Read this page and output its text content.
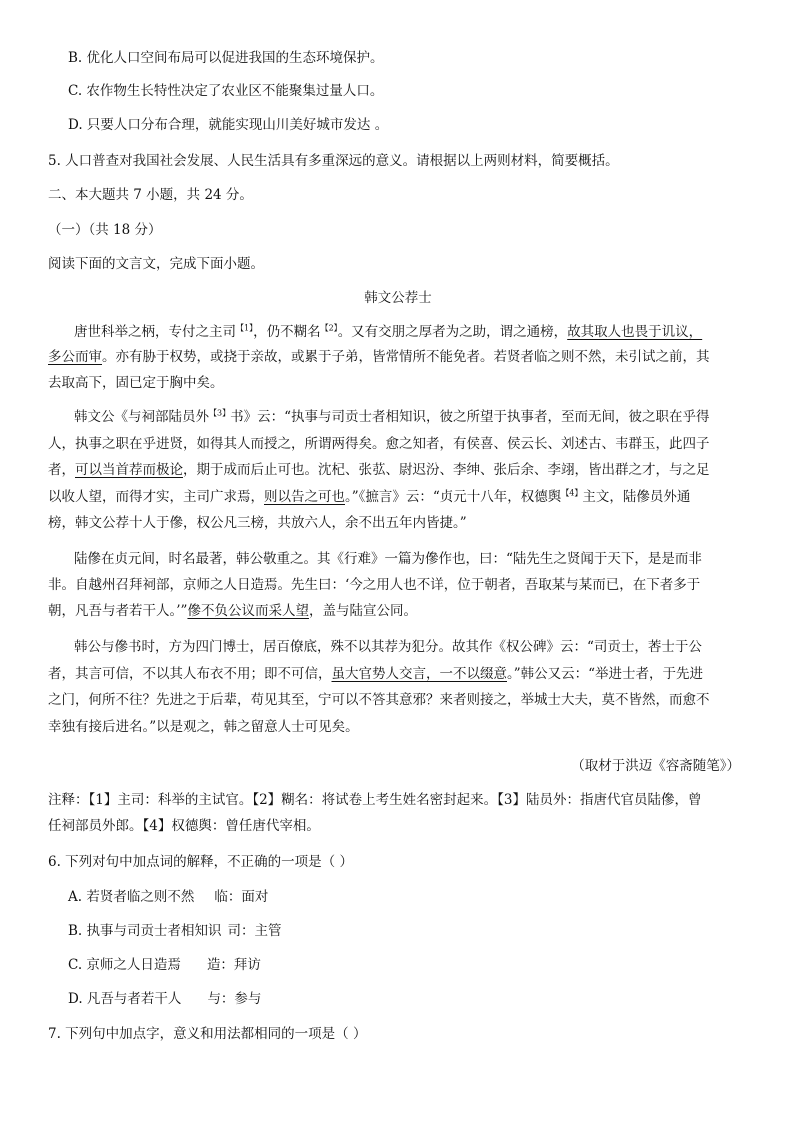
B. 优化人口空间布局可以促进我国的生态环境保护。
C. 农作物生长特性决定了农业区不能聚集过量人口。
D. 只要人口分布合理，就能实现山川美好城市发达 。
5. 人口普查对我国社会发展、人民生活具有多重深远的意义。请根据以上两则材料，简要概括。
二、本大题共 7 小题，共 24 分。
（一）（共 18 分）
阅读下面的文言文，完成下面小题。
韩文公荐士
唐世科举之柄，专付之主司$^{【1】}$，仍不糊名$^{【2】}$。又有交朋之厚者为之助，谓之通榜，故其取人也畏于讥议，
多公而审。亦有胁于权势，或挠于亲故，或累于子弟，皆常情所不能免者。若贤者临之则不然，未引试之前，其
去取高下，固已定于胸中矣。
韩文公《与祠部陆员外$^{【3】}$书》云：“执事与司贡士者相知识，彼之所望于执事者，至而无间，彼之职在乎得
人，执事之职在乎进贤，如得其人而授之，所谓两得矣。愈之知者，有侯喜、侯云长、刘述古、韦群玉，此四子
者，可以当首荐而极论，期于成而后止可也。沈杞、张苰、尉迟汾、李绅、张后余、李翊，皆出群之才，与之足
以收人望，而得才实，主司广求焉，则以告之可也。”《摭言》云：“贞元十八年，权德舆$^{【4】}$主文，陆傪员外通
榜，韩文公荐十人于傪，权公凡三榜，共放六人，余不出五年内皆捷。”
陆傪在贞元间，时名最著，韩公敬重之。其《行难》一篇为傪作也，曰：“陆先生之贤闻于天下，是是而非
非。自越州召拜祠部，京师之人日造焉。先生曰：‘今之用人也不详，位于朝者，吾取某与某而已，在下者多于
朝，凡吾与者若干人。’”傪不负公议而采人望，盖与陆宣公同。
韩公与傪书时，方为四门博士，居百僚底，殊不以其荐为犯分。故其作《权公碑》云：“司贡士，莕士于公
者，其言可信，不以其人布衣不用；即不可信，虽大官势人交言，一不以缀意。”韩公又云：“举进士者，于先进
之门，何所不往？先进之于后辈，苟见其至，宁可以不答其意邪？来者则接之，举城士大夫，莫不皆然，而愈不
幸独有接后进名。”以是观之，韩之留意人士可见矣。
（取材于洪迈《容斋随笔》）
注释：【1】主司：科举的主试官。【2】糊名：将试卷上考生姓名密封起来。【3】陆员外：指唐代官员陆傪，曾
任祠部员外郎。【4】权德舆：曾任唐代宰相。
6. 下列对句中加点词的解释，不正确的一项是（ ）
A. 若贤者临之则不然 临：面对
B. 执事与司贡士者相知识 司：主管
C. 京师之人日造焉 造：拜访
D. 凡吾与者若干人 与：参与
7. 下列句中加点字，意义和用法都相同的一项是（ ）
